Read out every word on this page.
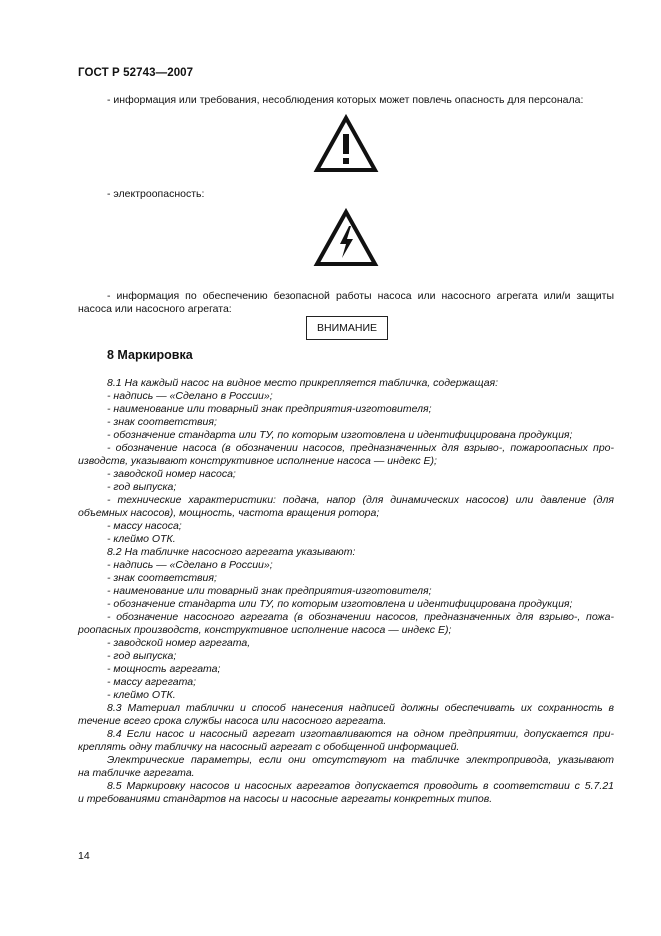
ГОСТ Р 52743—2007
- информация или требования, несоблюдения которых может повлечь опасность для персонала:
- электроопасность:
- информация по обеспечению безопасной работы насоса или насосного агрегата или/и защиты
насоса или насосного агрегата:
ВНИМАНИЕ
8 Маркировка
8.1 На каждый насос на видное место прикрепляется табличка, содержащая:
- надпись — «Сделано в России»;
- наименование или товарный знак предприятия-изготовителя;
- знак соответствия;
- обозначение стандарта или ТУ, по которым изготовлена и идентифицирована продукция;
- обозначение насоса (в обозначении насосов, предназначенных для взрыво-, пожароопасных про-
изводств, указывают конструктивное исполнение насоса — индекс Е);
- заводской номер насоса;
- год выпуска;
- технические характеристики: подача, напор (для динамических насосов) или давление (для
объемных насосов), мощность, частота вращения ротора;
- массу насоса;
- клеймо ОТК.
8.2 На табличке насосного агрегата указывают:
- надпись — «Сделано в России»;
- знак соответствия;
- наименование или товарный знак предприятия-изготовителя;
- обозначение стандарта или ТУ, по которым изготовлена и идентифицирована продукция;
- обозначение насосного агрегата (в обозначении насосов, предназначенных для взрыво-, пожа-
роопасных производств, конструктивное исполнение насоса — индекс Е);
- заводской номер агрегата,
- год выпуска;
- мощность агрегата;
- массу агрегата;
- клеймо ОТК.
8.3 Материал таблички и способ нанесения надписей должны обеспечивать их сохранность в
течение всего срока службы насоса или насосного агрегата.
8.4 Если насос и насосный агрегат изготавливаются на одном предприятии, допускается при-
креплять одну табличку на насосный агрегат с обобщенной информацией.
Электрические параметры, если они отсутствуют на табличке электропривода, указывают
на табличке агрегата.
8.5 Маркировку насосов и насосных агрегатов допускается проводить в соответствии с 5.7.21
и требованиями стандартов на насосы и насосные агрегаты конкретных типов.
14
